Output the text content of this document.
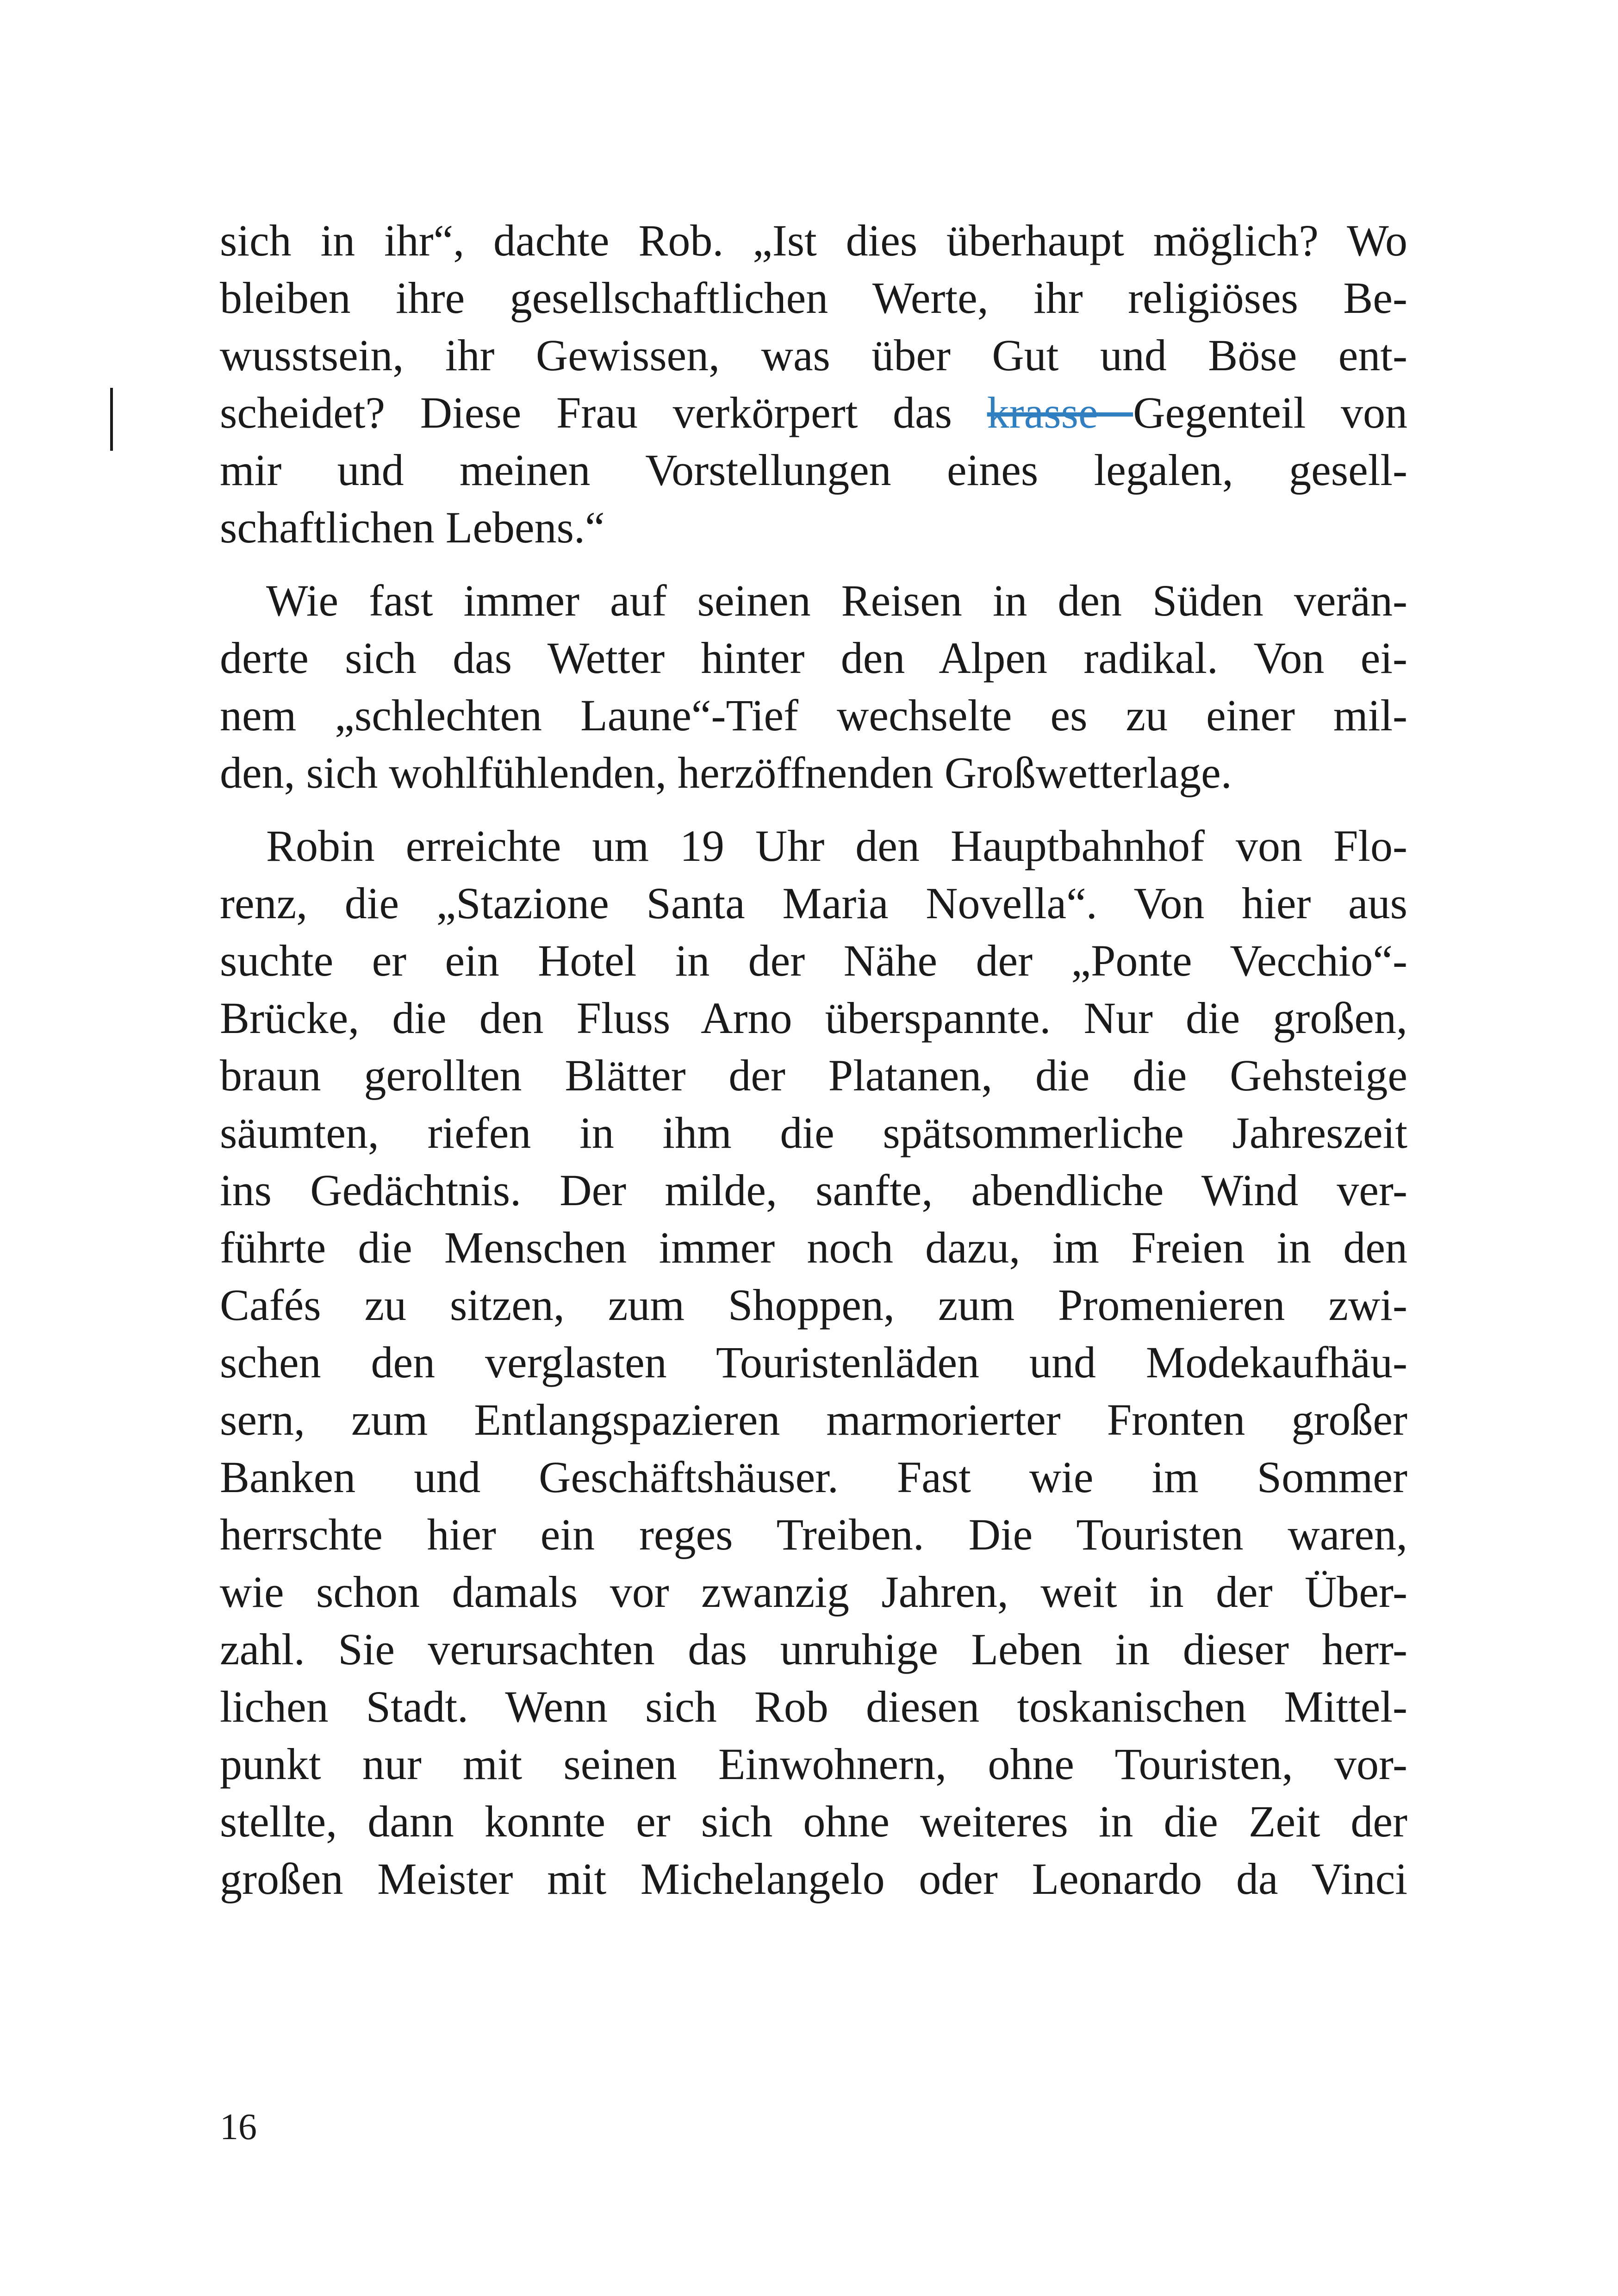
sich in ihr“, dachte Rob. „Ist dies überhaupt möglich? Wo
bleiben ihre gesellschaftlichen Werte, ihr religiöses Be-
wusstsein, ihr Gewissen, was über Gut und Böse ent-
scheidet? Diese Frau verkörpert das krasse Gegenteil von
mir und meinen Vorstellungen eines legalen, gesell-
schaftlichen Lebens.“
Wie fast immer auf seinen Reisen in den Süden verän-
derte sich das Wetter hinter den Alpen radikal. Von ei-
nem „schlechten Laune“-Tief wechselte es zu einer mil-
den, sich wohlfühlenden, herzöffnenden Großwetterlage.
Robin erreichte um 19 Uhr den Hauptbahnhof von Flo-
renz, die „Stazione Santa Maria Novella“. Von hier aus
suchte er ein Hotel in der Nähe der „Ponte Vecchio“-
Brücke, die den Fluss Arno überspannte. Nur die großen,
braun gerollten Blätter der Platanen, die die Gehsteige
säumten, riefen in ihm die spätsommerliche Jahreszeit
ins Gedächtnis. Der milde, sanfte, abendliche Wind ver-
führte die Menschen immer noch dazu, im Freien in den
Cafés zu sitzen, zum Shoppen, zum Promenieren zwi-
schen den verglasten Touristenläden und Modekaufhäu-
sern, zum Entlangspazieren marmorierter Fronten großer
Banken und Geschäftshäuser. Fast wie im Sommer
herrschte hier ein reges Treiben. Die Touristen waren,
wie schon damals vor zwanzig Jahren, weit in der Über-
zahl. Sie verursachten das unruhige Leben in dieser herr-
lichen Stadt. Wenn sich Rob diesen toskanischen Mittel-
punkt nur mit seinen Einwohnern, ohne Touristen, vor-
stellte, dann konnte er sich ohne weiteres in die Zeit der
großen Meister mit Michelangelo oder Leonardo da Vinci
16
